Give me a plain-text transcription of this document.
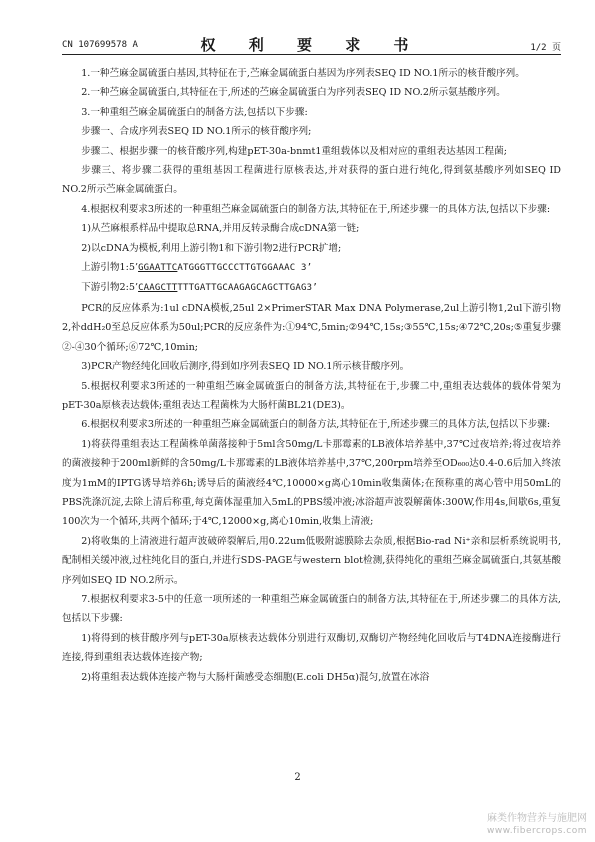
CN 107699578 A	权 利 要 求 书	1/2 页

1.一种苎麻金属硫蛋白基因,其特征在于,苎麻金属硫蛋白基因为序列表SEQ ID NO.1所示的核苷酸序列。

2.一种苎麻金属硫蛋白,其特征在于,所述的苎麻金属硫蛋白为序列表SEQ ID NO.2所示氨基酸序列。

3.一种重组苎麻金属硫蛋白的制备方法,包括以下步骤:

步骤一、合成序列表SEQ ID NO.1所示的核苷酸序列;

步骤二、根据步骤一的核苷酸序列,构建pET-30a-bnmt1重组载体以及相对应的重组表达基因工程菌;

步骤三、将步骤二获得的重组基因工程菌进行原核表达,并对获得的蛋白进行纯化,得到氨基酸序列如SEQ ID NO.2所示苎麻金属硫蛋白。

4.根据权利要求3所述的一种重组苎麻金属硫蛋白的制备方法,其特征在于,所述步骤一的具体方法,包括以下步骤:

1)从苎麻根系样品中提取总RNA,并用反转录酶合成cDNA第一链;

2)以cDNA为模板,利用上游引物1和下游引物2进行PCR扩增;

上游引物1:5’GGAATTCATGGGTTGCCCTTGTGGAAAC 3’

下游引物2:5’CAAGCTTTTTGATTGCAAGAGCAGCTTGAG3’

PCR的反应体系为:1ul cDNA模板,25ul 2×PrimerSTAR Max DNA Polymerase,2ul上游引物1,2ul下游引物2,补ddH₂0至总反应体系为50ul;PCR的反应条件为:①94℃,5min;②94℃,15s;③55℃,15s;④72℃,20s;⑤重复步骤②-④30个循环;⑥72℃,10min;

3)PCR产物经纯化回收后测序,得到如序列表SEQ ID NO.1所示核苷酸序列。

5.根据权利要求3所述的一种重组苎麻金属硫蛋白的制备方法,其特征在于,步骤二中,重组表达载体的载体骨架为pET-30a原核表达载体;重组表达工程菌株为大肠杆菌BL21(DE3)。

6.根据权利要求3所述的一种重组苎麻金属硫蛋白的制备方法,其特征在于,所述步骤三的具体方法,包括以下步骤:

1)将获得重组表达工程菌株单菌落接种于5ml含50mg/L卡那霉素的LB液体培养基中,37℃过夜培养;将过夜培养的菌液接种于200ml新鲜的含50mg/L卡那霉素的LB液体培养基中,37℃,200rpm培养至OD₆₀₀达0.4-0.6后加入终浓度为1mM的IPTG诱导培养6h;诱导后的菌液经4℃,10000×g离心10min收集菌体;在预称重的离心管中用50mL的PBS洗涤沉淀,去除上清后称重,每克菌体湿重加入5mL的PBS缓冲液;冰浴超声波裂解菌体:300W,作用4s,间歇6s,重复100次为一个循环,共两个循环;于4℃,12000×g,离心10min,收集上清液;

2)将收集的上清液进行超声波破碎裂解后,用0.22um低吸附滤膜除去杂质,根据Bio-rad Ni⁺亲和层析系统说明书,配制相关缓冲液,过柱纯化目的蛋白,并进行SDS-PAGE与western blot检测,获得纯化的重组苎麻金属硫蛋白,其氨基酸序列如SEQ ID NO.2所示。

7.根据权利要求3-5中的任意一项所述的一种重组苎麻金属硫蛋白的制备方法,其特征在于,所述步骤二的具体方法,包括以下步骤:

1)将得到的核苷酸序列与pET-30a原核表达载体分别进行双酶切,双酶切产物经纯化回收后与T4DNA连接酶进行连接,得到重组表达载体连接产物;

2)将重组表达载体连接产物与大肠杆菌感受态细胞(E.coli DH5α)混匀,放置在冰浴

2
麻类作物营养与施肥网
www.fibercrops.com
